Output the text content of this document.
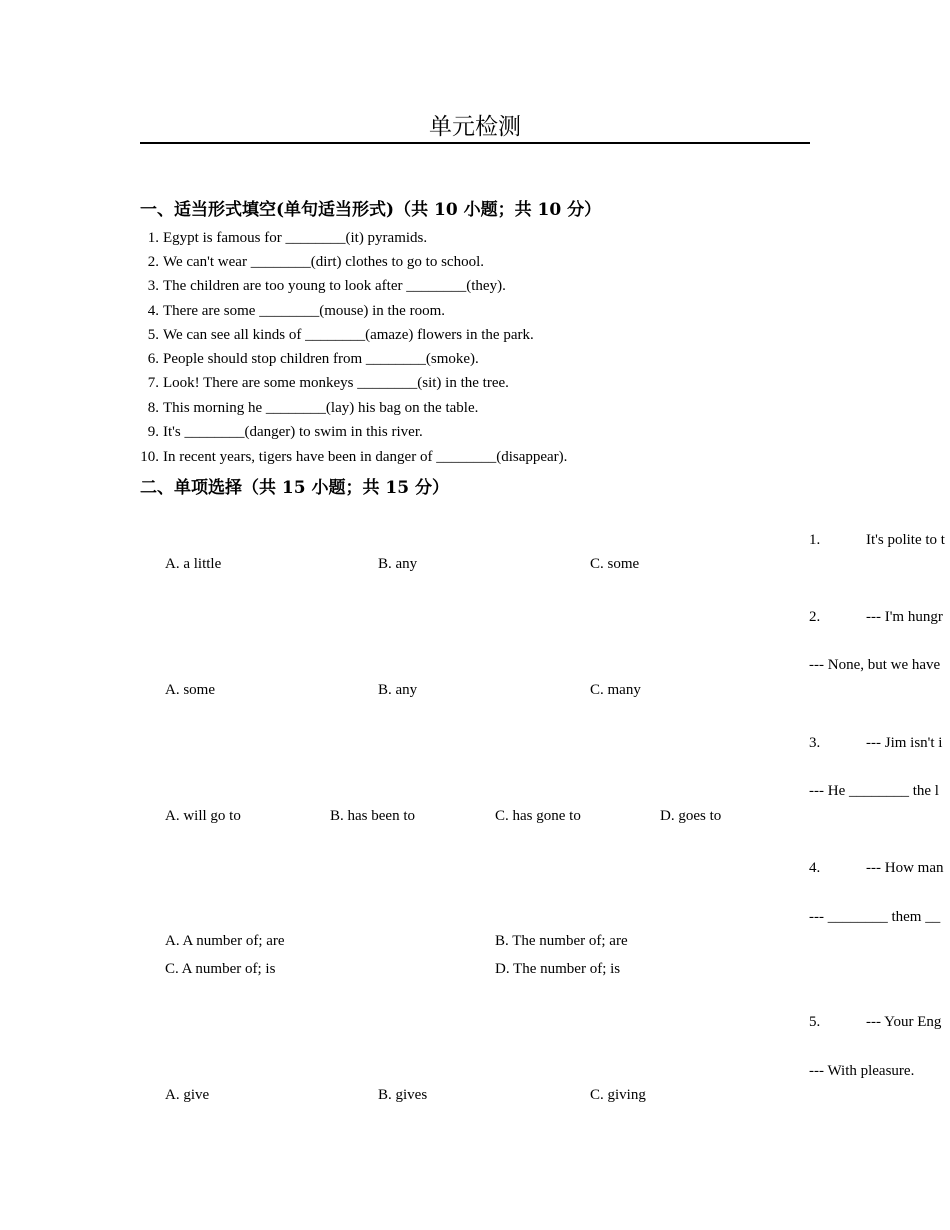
单元检测
一、适当形式填空(单句适当形式)（共 10 小题；共 10 分）
1. Egypt is famous for ________(it) pyramids.
2. We can't wear ________(dirt) clothes to go to school.
3. The children are too young to look after ________(they).
4. There are some ________(mouse) in the room.
5. We can see all kinds of ________(amaze) flowers in the park.
6. People should stop children from ________(smoke).
7. Look! There are some monkeys ________(sit) in the tree.
8. This morning he ________(lay) his bag on the table.
9. It's ________(danger) to swim in this river.
10. In recent years, tigers have been in danger of ________(disappear).
二、单项选择（共 15 小题；共 15 分）
1.	It's polite to t
2.	--- I'm hungr
--- None, but we have
3.	--- Jim isn't i
--- He ________ the l
4.	--- How man
--- ________ them __
5.	--- Your Eng
--- With pleasure.
A. a little	B. any	C. some
A. some	B. any	C. many
A. will go to	B. has been to	C. has gone to	D. goes to
A. A number of; are	B. The number of; are
C. A number of; is	D. The number of; is
A. give	B. gives	C. giving
